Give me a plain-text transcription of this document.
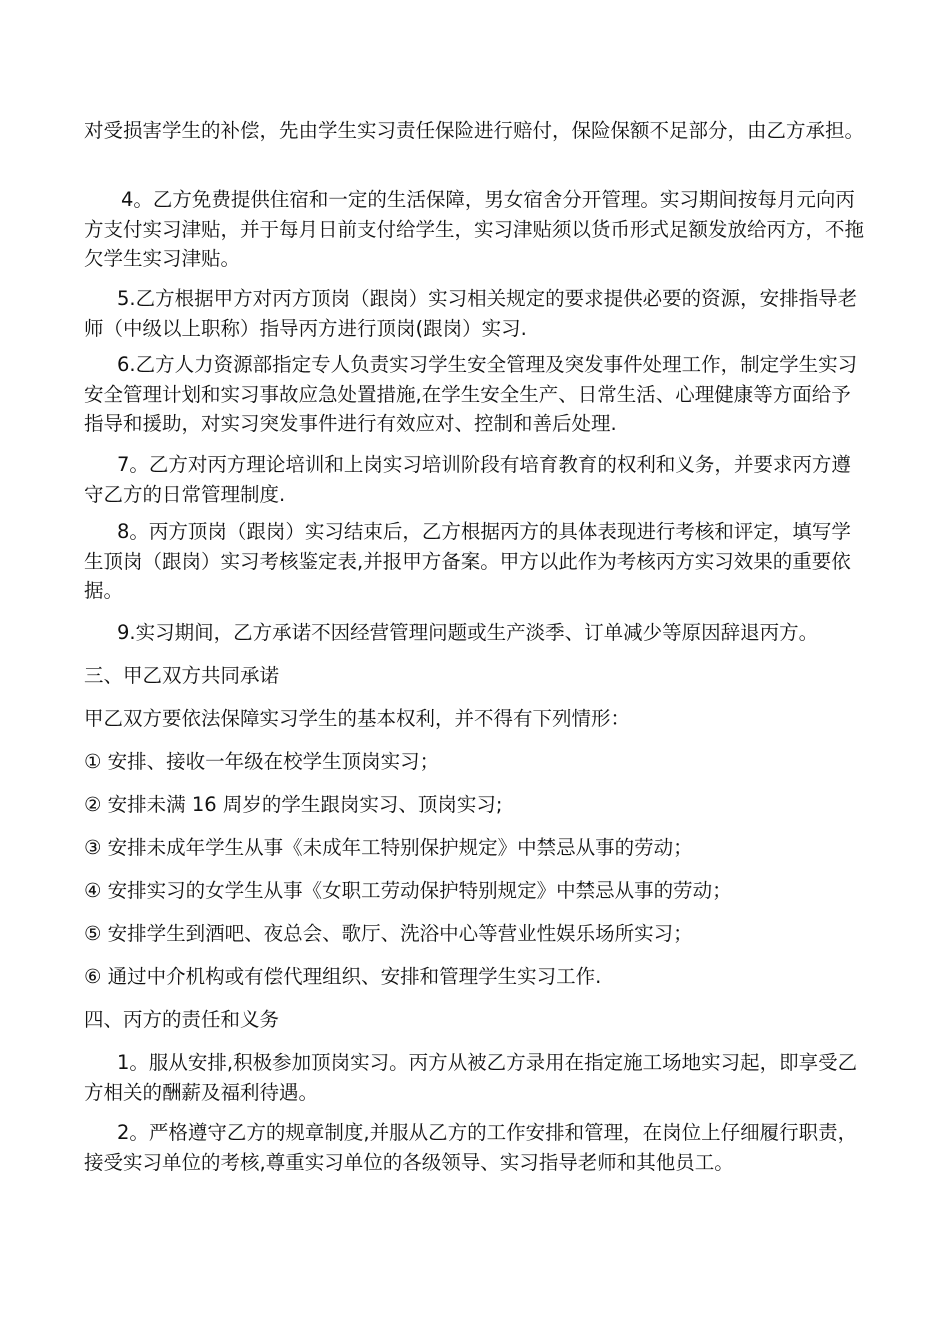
对受损害学生的补偿，先由学生实习责任保险进行赔付，保险保额不足部分，由乙方承担。

4。乙方免费提供住宿和一定的生活保障，男女宿舍分开管理。实习期间按每月元向丙方支付实习津贴，并于每月日前支付给学生，实习津贴须以货币形式足额发放给丙方，不拖欠学生实习津贴。

5.乙方根据甲方对丙方顶岗（跟岗）实习相关规定的要求提供必要的资源，安排指导老师（中级以上职称）指导丙方进行顶岗(跟岗）实习.

6.乙方人力资源部指定专人负责实习学生安全管理及突发事件处理工作，制定学生实习安全管理计划和实习事故应急处置措施,在学生安全生产、日常生活、心理健康等方面给予指导和援助，对实习突发事件进行有效应对、控制和善后处理.

7。乙方对丙方理论培训和上岗实习培训阶段有培育教育的权利和义务，并要求丙方遵守乙方的日常管理制度.

8。丙方顶岗（跟岗）实习结束后，乙方根据丙方的具体表现进行考核和评定，填写学生顶岗（跟岗）实习考核鉴定表,并报甲方备案。甲方以此作为考核丙方实习效果的重要依据。

9.实习期间，乙方承诺不因经营管理问题或生产淡季、订单减少等原因辞退丙方。

三、甲乙双方共同承诺

甲乙双方要依法保障实习学生的基本权利，并不得有下列情形：

① 安排、接收一年级在校学生顶岗实习；

② 安排未满 16 周岁的学生跟岗实习、顶岗实习;

③ 安排未成年学生从事《未成年工特别保护规定》中禁忌从事的劳动；

④ 安排实习的女学生从事《女职工劳动保护特别规定》中禁忌从事的劳动；

⑤ 安排学生到酒吧、夜总会、歌厅、洗浴中心等营业性娱乐场所实习；

⑥ 通过中介机构或有偿代理组织、安排和管理学生实习工作.

四、丙方的责任和义务

1。服从安排,积极参加顶岗实习。丙方从被乙方录用在指定施工场地实习起，即享受乙方相关的酬薪及福利待遇。

2。严格遵守乙方的规章制度,并服从乙方的工作安排和管理，在岗位上仔细履行职责，接受实习单位的考核,尊重实习单位的各级领导、实习指导老师和其他员工。
